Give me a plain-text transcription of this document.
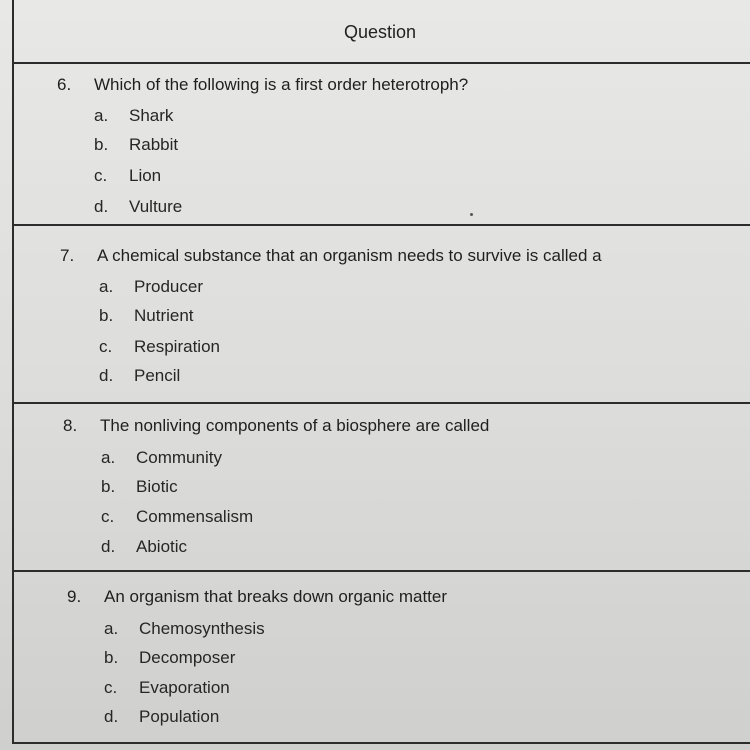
Question
6. Which of the following is a first order heterotroph?
a. Shark
b. Rabbit
c. Lion
d. Vulture
7. A chemical substance that an organism needs to survive is called a
a. Producer
b. Nutrient
c. Respiration
d. Pencil
8. The nonliving components of a biosphere are called
a. Community
b. Biotic
c. Commensalism
d. Abiotic
9. An organism that breaks down organic matter
a. Chemosynthesis
b. Decomposer
c. Evaporation
d. Population
